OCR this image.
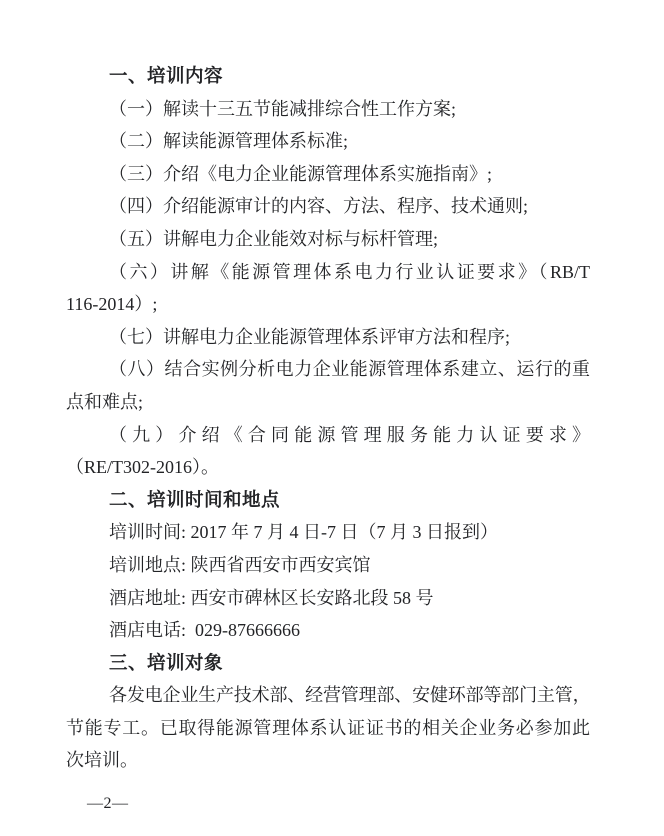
一、培训内容
（一）解读十三五节能减排综合性工作方案;
（二）解读能源管理体系标准;
（三）介绍《电力企业能源管理体系实施指南》;
（四）介绍能源审计的内容、方法、程序、技术通则;
（五）讲解电力企业能效对标与标杆管理;
（六）讲解《能源管理体系电力行业认证要求》（RB/T
116-2014）;
（七）讲解电力企业能源管理体系评审方法和程序;
（八）结合实例分析电力企业能源管理体系建立、运行的重
点和难点;
（九）介绍《合同能源管理服务能力认证要求》
（RE/T302-2016）。
二、培训时间和地点
培训时间: 2017 年 7 月 4 日-7 日（7 月 3 日报到）
培训地点: 陕西省西安市西安宾馆
酒店地址: 西安市碑林区长安路北段 58 号
酒店电话:  029-87666666
三、培训对象
各发电企业生产技术部、经营管理部、安健环部等部门主管，
节能专工。已取得能源管理体系认证证书的相关企业务必参加此
次培训。
—2—
